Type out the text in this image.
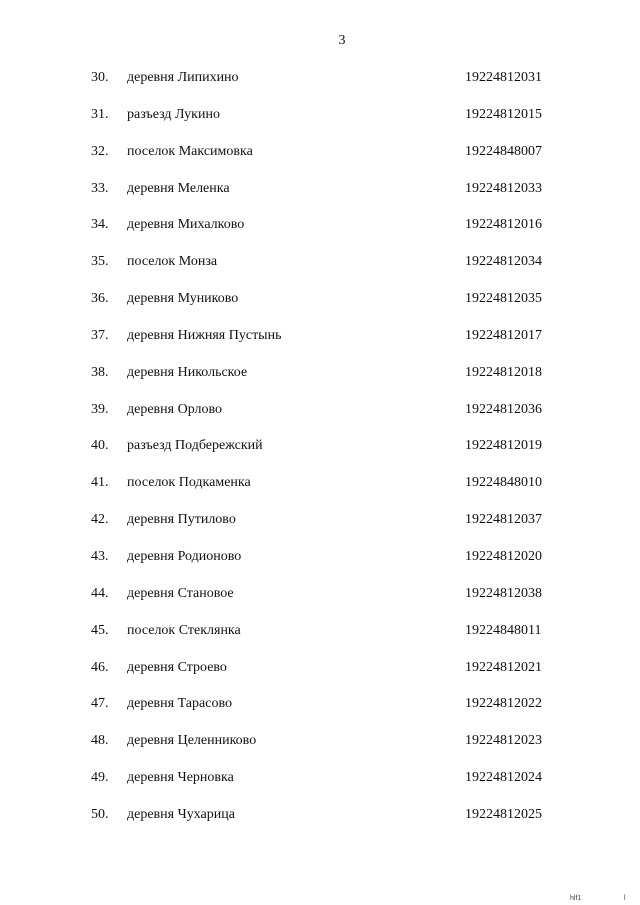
3
30. деревня Липихино	19224812031
31. разъезд Лукино	19224812015
32. поселок Максимовка	19224848007
33. деревня Меленка	19224812033
34. деревня Михалково	19224812016
35. поселок Монза	19224812034
36. деревня Муниково	19224812035
37. деревня Нижняя Пустынь	19224812017
38. деревня Никольское	19224812018
39. деревня Орлово	19224812036
40. разъезд Подбережский	19224812019
41. поселок Подкаменка	19224848010
42. деревня Путилово	19224812037
43. деревня Родионово	19224812020
44. деревня Становое	19224812038
45. поселок Стеклянка	19224848011
46. деревня Строево	19224812021
47. деревня Тарасово	19224812022
48. деревня Целенниково	19224812023
49. деревня Черновка	19224812024
50. деревня Чухарица	19224812025
hlf1	l
